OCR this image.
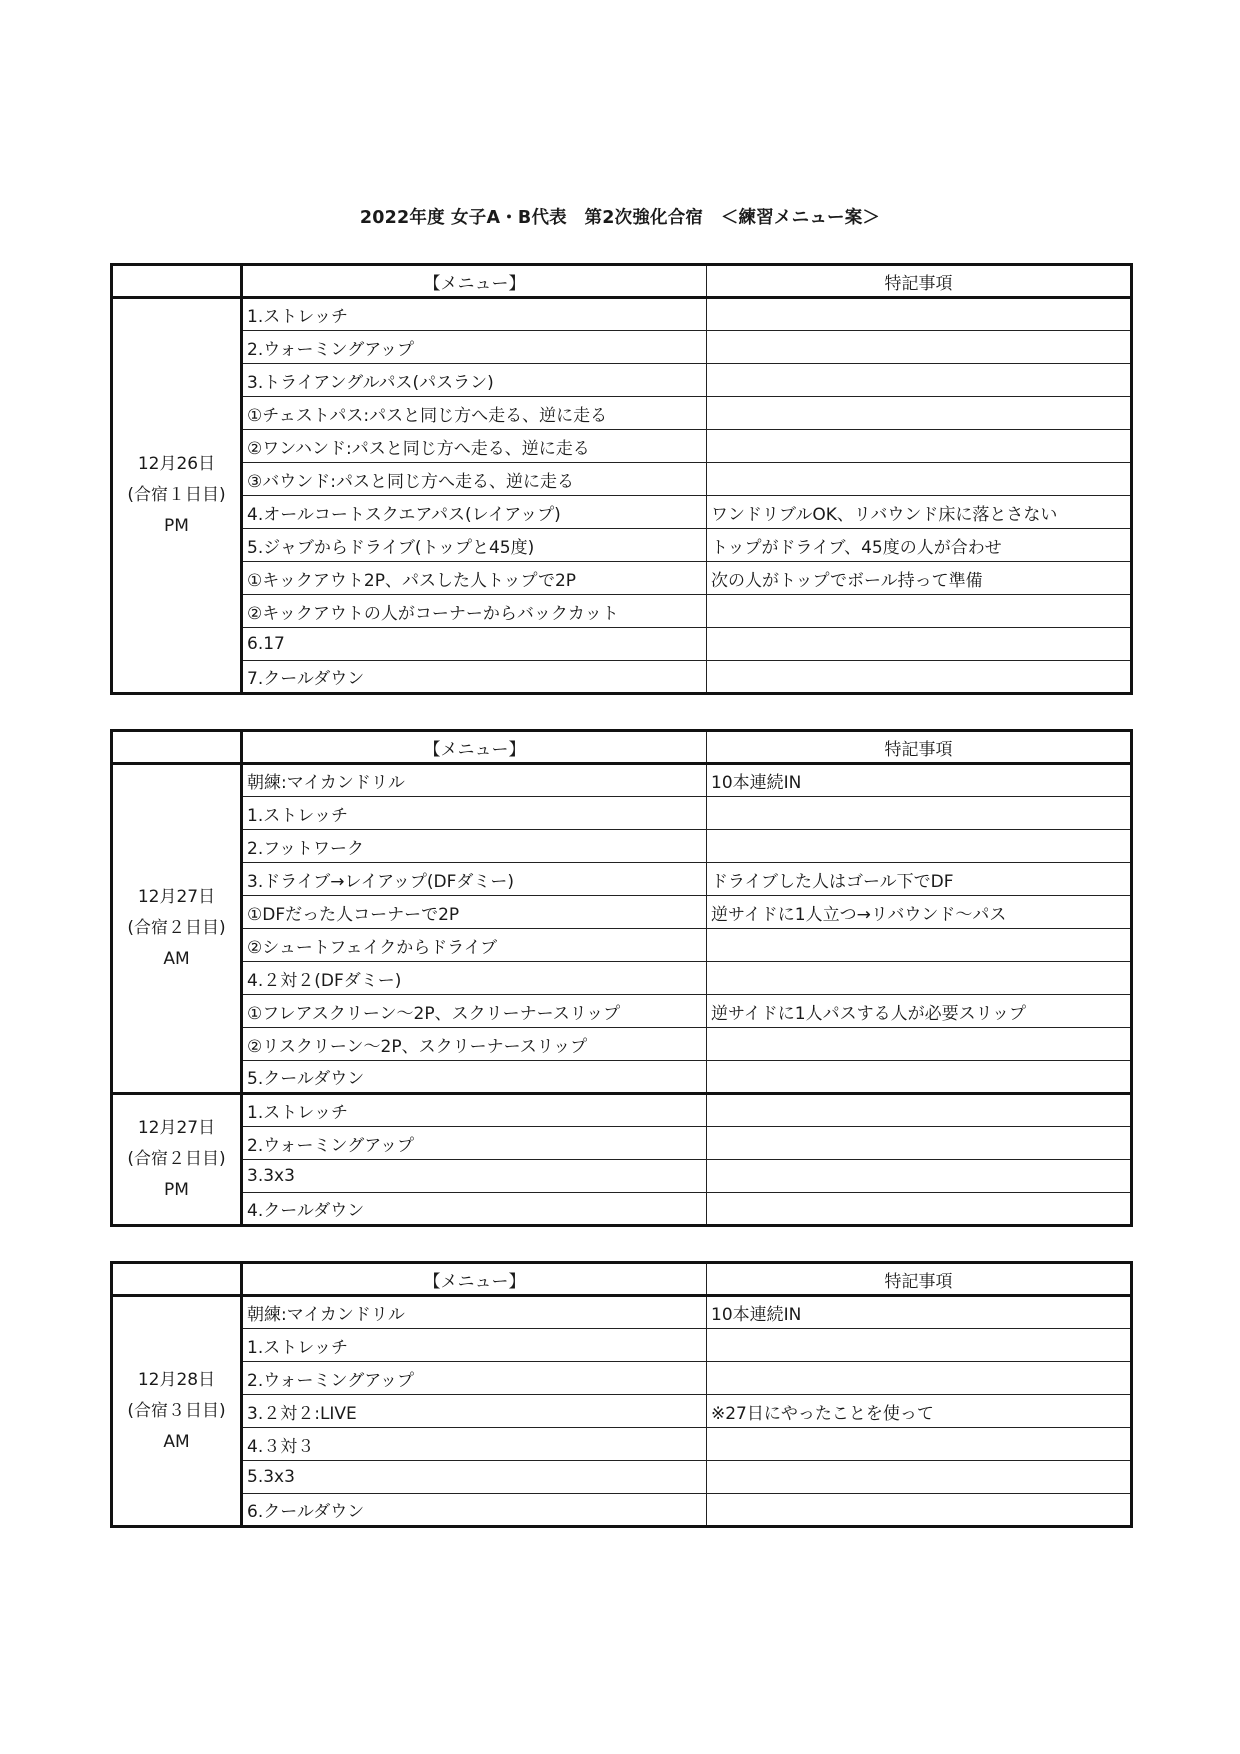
2022年度 女子A・B代表　第2次強化合宿　＜練習メニュー案＞
	【メニュー】	特記事項

12月26日
(合宿１日目)
PM	1.ストレッチ	
	2.ウォーミングアップ	
	3.トライアングルパス(パスラン)	
	①チェストパス:パスと同じ方へ走る、逆に走る	
	②ワンハンド:パスと同じ方へ走る、逆に走る	
	③バウンド:パスと同じ方へ走る、逆に走る	
	4.オールコートスクエアパス(レイアップ)	ワンドリブルOK、リバウンド床に落とさない
	5.ジャブからドライブ(トップと45度)	トップがドライブ、45度の人が合わせ
	①キックアウト2P、パスした人トップで2P	次の人がトップでボール持って準備
	②キックアウトの人がコーナーからバックカット	
	6.17	
	7.クールダウン	
	【メニュー】	特記事項

12月27日
(合宿２日目)
AM	朝練:マイカンドリル	10本連続IN
	1.ストレッチ	
	2.フットワーク	
	3.ドライブ→レイアップ(DFダミー)	ドライブした人はゴール下でDF
	①DFだった人コーナーで2P	逆サイドに1人立つ→リバウンド～パス
	②シュートフェイクからドライブ	
	4.２対２(DFダミー)	
	①フレアスクリーン～2P、スクリーナースリップ	逆サイドに1人パスする人が必要スリップ
	②リスクリーン～2P、スクリーナースリップ	
	5.クールダウン	

12月27日
(合宿２日目)
PM	1.ストレッチ	
	2.ウォーミングアップ	
	3.3x3	
	4.クールダウン	
	【メニュー】	特記事項

12月28日
(合宿３日目)
AM	朝練:マイカンドリル	10本連続IN
	1.ストレッチ	
	2.ウォーミングアップ	
	3.２対２:LIVE	※27日にやったことを使って
	4.３対３	
	5.3x3	
	6.クールダウン	
